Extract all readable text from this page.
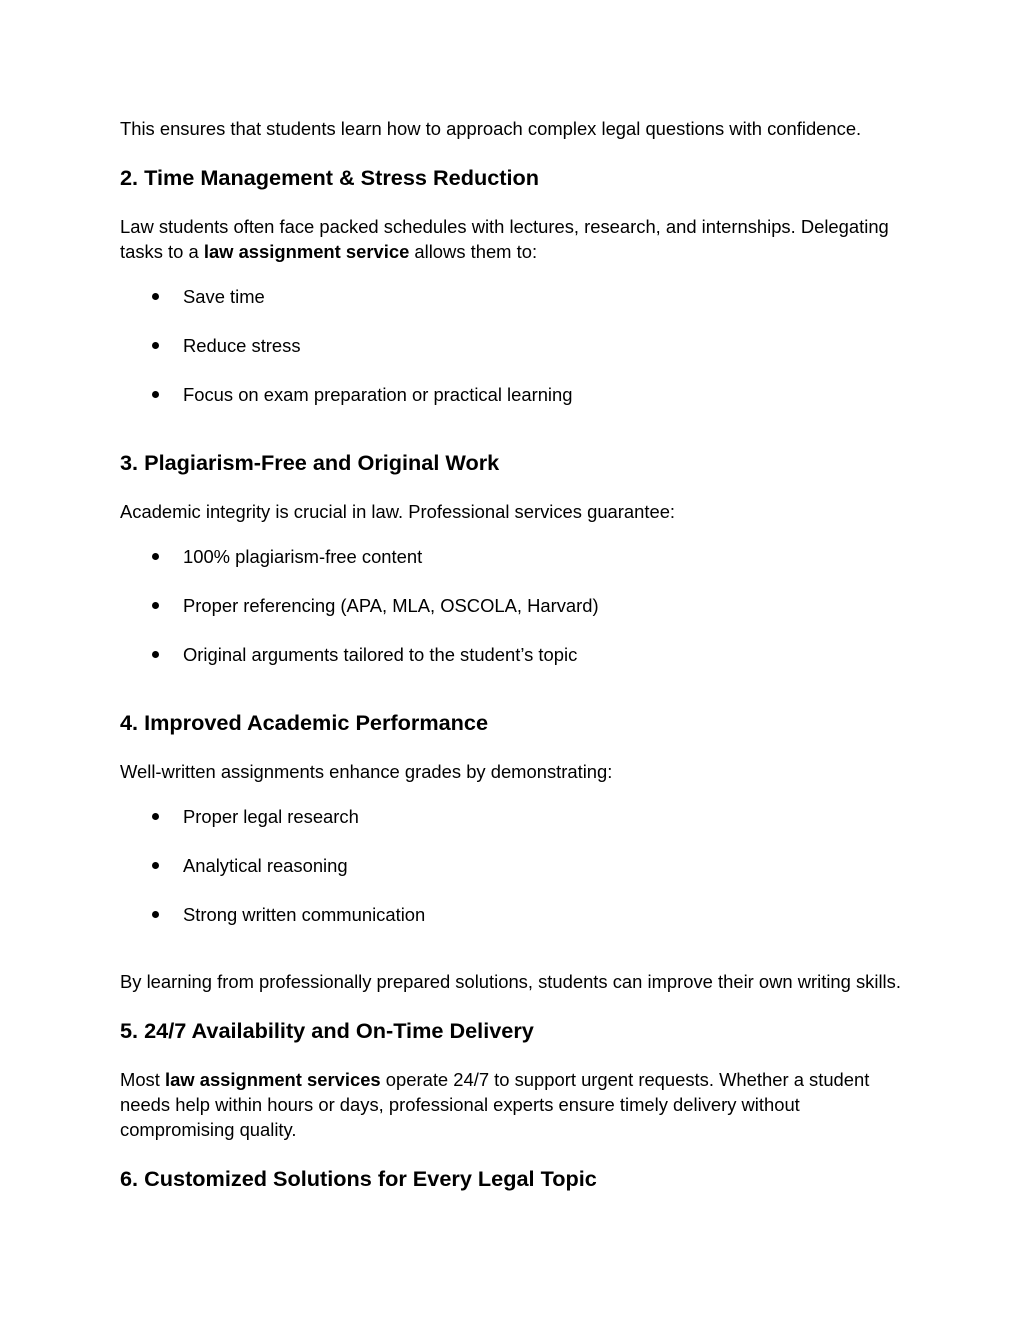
This ensures that students learn how to approach complex legal questions with confidence.
2. Time Management & Stress Reduction
Law students often face packed schedules with lectures, research, and internships. Delegating
tasks to a law assignment service allows them to:
Save time
Reduce stress
Focus on exam preparation or practical learning
3. Plagiarism-Free and Original Work
Academic integrity is crucial in law. Professional services guarantee:
100% plagiarism-free content
Proper referencing (APA, MLA, OSCOLA, Harvard)
Original arguments tailored to the student’s topic
4. Improved Academic Performance
Well-written assignments enhance grades by demonstrating:
Proper legal research
Analytical reasoning
Strong written communication
By learning from professionally prepared solutions, students can improve their own writing skills.
5. 24/7 Availability and On-Time Delivery
Most law assignment services operate 24/7 to support urgent requests. Whether a student
needs help within hours or days, professional experts ensure timely delivery without
compromising quality.
6. Customized Solutions for Every Legal Topic
